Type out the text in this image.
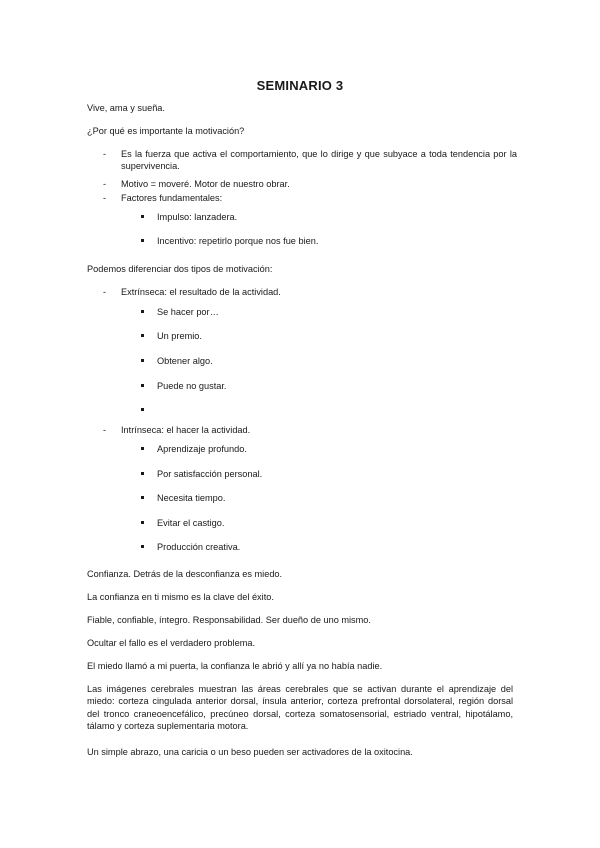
SEMINARIO 3
Vive, ama y sueña.
¿Por qué es importante la motivación?
- Es la fuerza que activa el comportamiento, que lo dirige y que subyace a toda tendencia por la supervivencia.
- Motivo = moveré. Motor de nuestro obrar.
- Factores fundamentales:
Impulso: lanzadera.
Incentivo: repetirlo porque nos fue bien.
Podemos diferenciar dos tipos de motivación:
- Extrínseca: el resultado de la actividad.
Se hacer por…
Un premio.
Obtener algo.
Puede no gustar.
- Intrínseca: el hacer la actividad.
Aprendizaje profundo.
Por satisfacción personal.
Necesita tiempo.
Evitar el castigo.
Producción creativa.
Confianza. Detrás de la desconfianza es miedo.
La confianza en ti mismo es la clave del éxito.
Fiable, confiable, íntegro. Responsabilidad. Ser dueño de uno mismo.
Ocultar el fallo es el verdadero problema.
El miedo llamó a mi puerta, la confianza le abrió y allí ya no había nadie.
Las imágenes cerebrales muestran las áreas cerebrales que se activan durante el aprendizaje del miedo: corteza cingulada anterior dorsal, ínsula anterior, corteza prefrontal dorsolateral, región dorsal del tronco craneoencefálico, precúneo dorsal, corteza somatosensorial, estriado ventral, hipotálamo, tálamo y corteza suplementaria motora.
Un simple abrazo, una caricia o un beso pueden ser activadores de la oxitocina.
